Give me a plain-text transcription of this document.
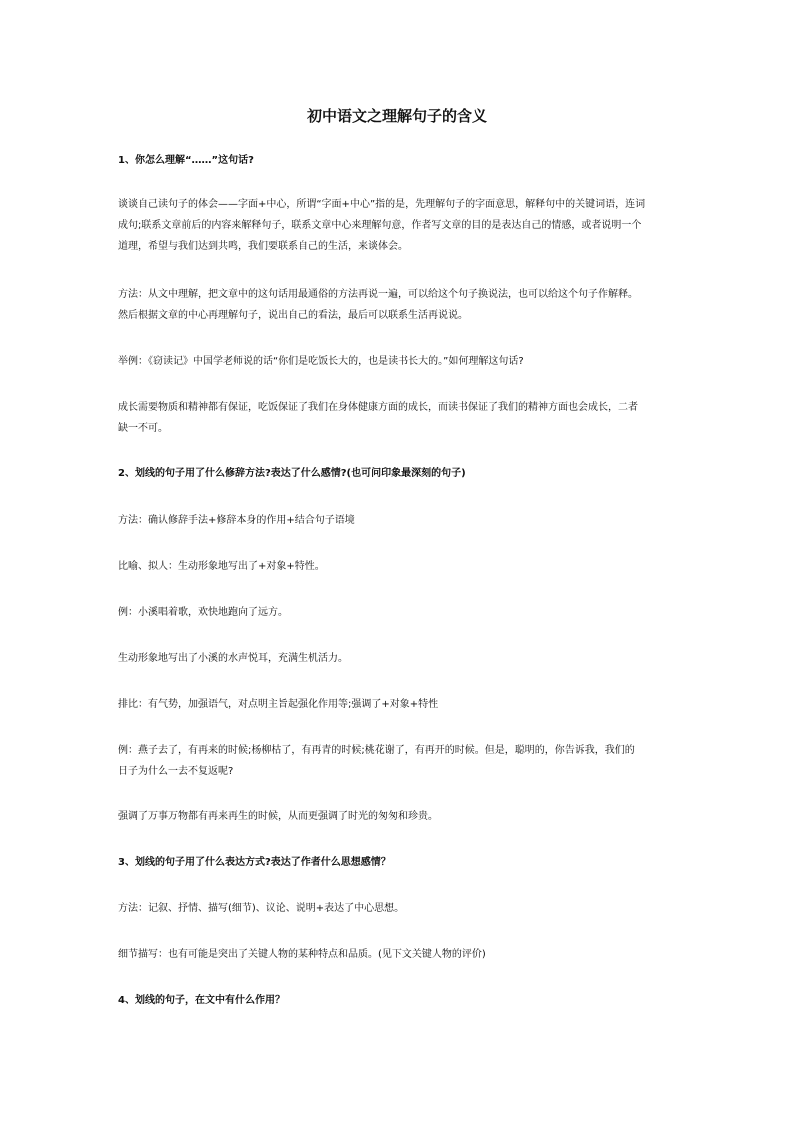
初中语文之理解句子的含义
1、你怎么理解“……”这句话?
谈谈自己读句子的体会——字面+中心，所谓“字面+中心”指的是，先理解句子的字面意思，解释句中的关键词语，连词
成句;联系文章前后的内容来解释句子，联系文章中心来理解句意，作者写文章的目的是表达自己的情感，或者说明一个
道理，希望与我们达到共鸣，我们要联系自己的生活，来谈体会。
方法：从文中理解，把文章中的这句话用最通俗的方法再说一遍，可以给这个句子换说法，也可以给这个句子作解释。
然后根据文章的中心再理解句子，说出自己的看法，最后可以联系生活再说说。
举例：《窃读记》中国学老师说的话“你们是吃饭长大的，也是读书长大的。”如何理解这句话?
成长需要物质和精神都有保证，吃饭保证了我们在身体健康方面的成长，而读书保证了我们的精神方面也会成长，二者
缺一不可。
2、划线的句子用了什么修辞方法?表达了什么感情?(也可问印象最深刻的句子)
方法：确认修辞手法+修辞本身的作用+结合句子语境
比喻、拟人：生动形象地写出了+对象+特性。
例：小溪唱着歌，欢快地跑向了远方。
生动形象地写出了小溪的水声悦耳，充满生机活力。
排比：有气势，加强语气，对点明主旨起强化作用等;强调了+对象+特性
例：燕子去了，有再来的时候;杨柳枯了，有再青的时候;桃花谢了，有再开的时候。但是，聪明的，你告诉我，我们的
日子为什么一去不复返呢?
强调了万事万物都有再来再生的时候，从而更强调了时光的匆匆和珍贵。
3、划线的句子用了什么表达方式?表达了作者什么思想感情？
方法：记叙、抒情、描写(细节)、议论、说明+表达了中心思想。
细节描写：也有可能是突出了关键人物的某种特点和品质。(见下文关键人物的评价)
4、划线的句子，在文中有什么作用？
